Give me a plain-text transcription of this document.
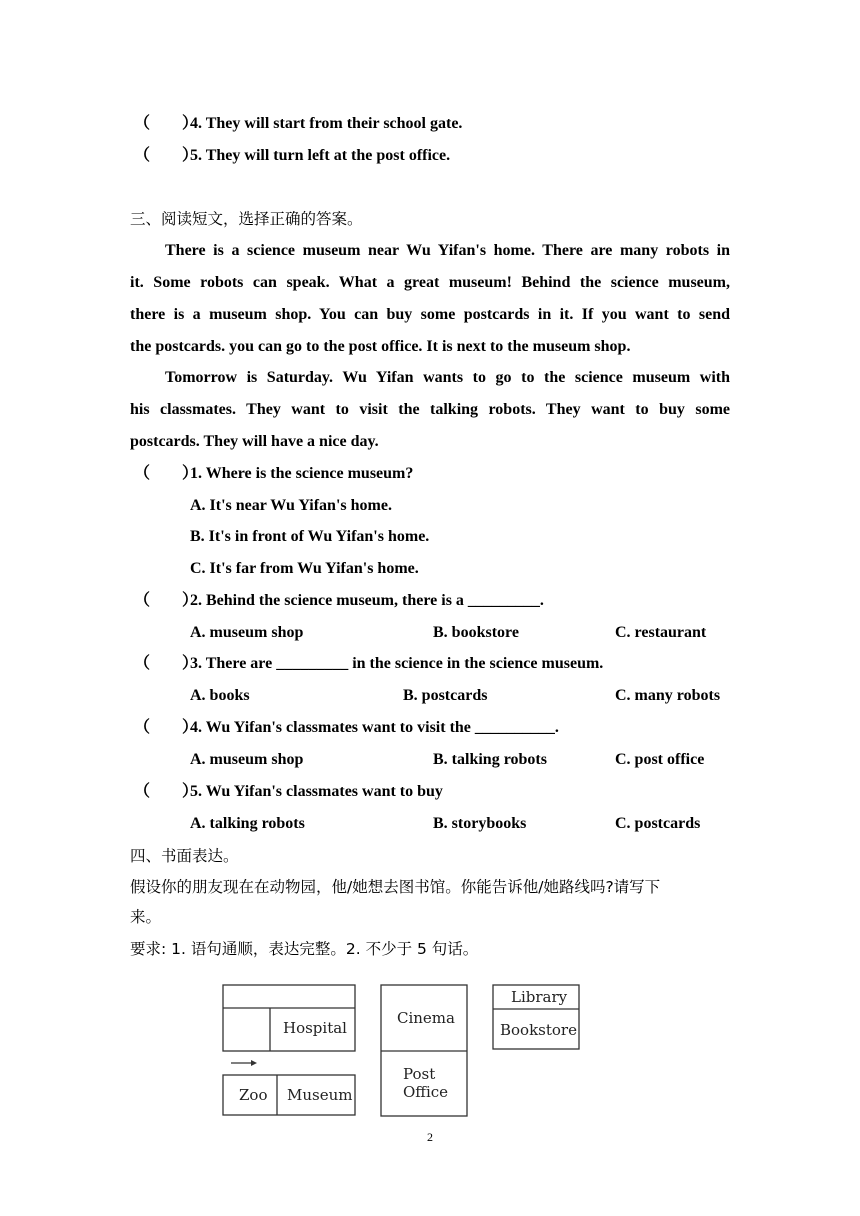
（　　）
4. They will start from their school gate.
（　　）
5. They will turn left at the post office.
三、阅读短文，选择正确的答案。
There is a science museum near Wu Yifan's home. There are many robots in
it. Some robots can speak. What a great museum! Behind the science museum,
there is a museum shop. You can buy some postcards in it. If you want to send
the postcards. you can go to the post office. It is next to the museum shop.
Tomorrow is Saturday. Wu Yifan wants to go to the science museum with
his classmates. They want to visit the talking robots. They want to buy some
postcards. They will have a nice day.
（　　）
1. Where is the science museum?
A. It's near Wu Yifan's home.
B. It's in front of Wu Yifan's home.
C. It's far from Wu Yifan's home.
（　　）
2. Behind the science museum, there is a _________.
A. museum shop	B. bookstore	C. restaurant
（　　）
3. There are _________ in the science in the science museum.
A. books	B. postcards	C. many robots
（　　）
4. Wu Yifan's classmates want to visit the __________.
A. museum shop	B. talking robots	C. post office
（　　）
5. Wu Yifan's classmates want to buy
A. talking robots	B. storybooks	C. postcards
四、书面表达。
假设你的朋友现在在动物园，他/她想去图书馆。你能告诉他/她路线吗?请写下
来。
要求: 1. 语句通顺，表达完整。2. 不少于 5 句话。
Hospital
Zoo Museum
Cinema
Post
Office
Library
Bookstore
2
